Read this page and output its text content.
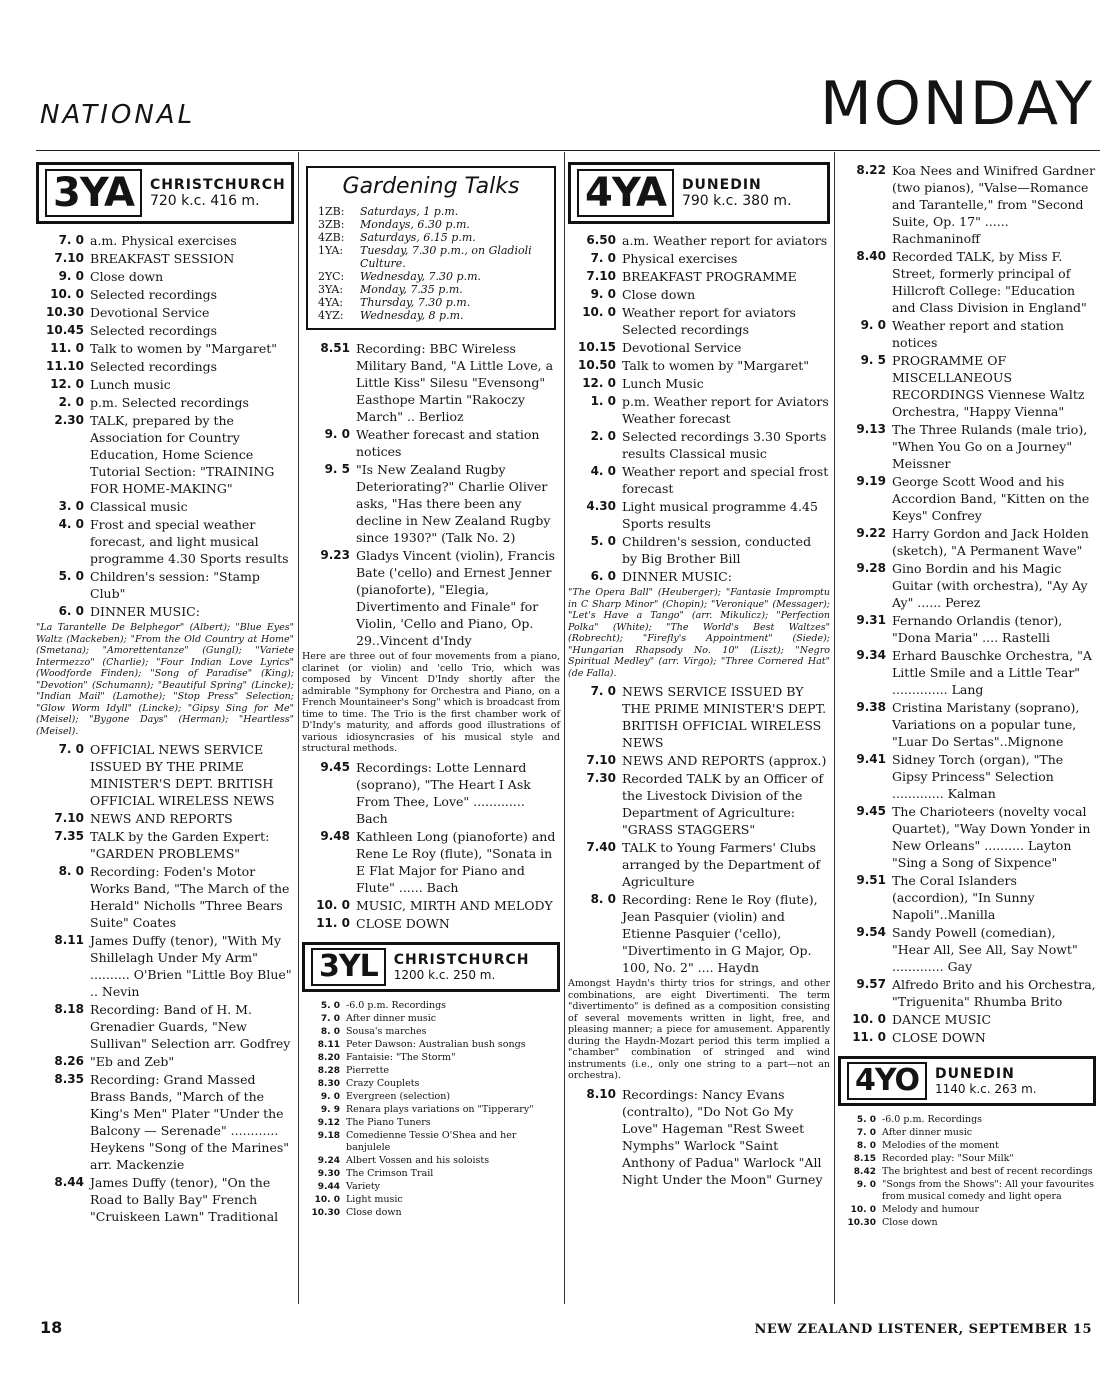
NATIONAL	MONDAY
3YA	CHRISTCHURCH
720 k.c. 416 m.
7. 0 a.m. Physical exercises
7.10 BREAKFAST SESSION
9. 0 Close down
10. 0 Selected recordings
10.30 Devotional Service
10.45 Selected recordings
11. 0 Talk to women by "Margaret"
11.10 Selected recordings
12. 0 Lunch music
2. 0 p.m. Selected recordings
2.30 TALK, prepared by the Association for Country Education, Home Science Tutorial Section: "TRAINING FOR HOME-MAKING"
3. 0 Classical music
4. 0 Frost and special weather forecast, and light musical programme 4.30 Sports results
5. 0 Children's session: "Stamp Club"
6. 0 DINNER MUSIC:
"La Tarantelle De Belphegor" (Albert); "Blue Eyes" Waltz (Mackeben); "From the Old Country at Home" (Smetana); "Amorettentanze" (Gungl); "Variete Intermezzo" (Charlie); "Four Indian Love Lyrics" (Woodforde Finden); "Song of Paradise" (King); "Devotion" (Schumann); "Beautiful Spring" (Lincke); "Indian Mail" (Lamothe); "Stop Press" Selection; "Glow Worm Idyll" (Lincke); "Gipsy Sing for Me" (Meisel); "Bygone Days" (Herman); "Heartless" (Meisel).
7. 0 OFFICIAL NEWS SERVICE ISSUED BY THE PRIME MINISTER'S DEPT. BRITISH OFFICIAL WIRELESS NEWS
7.10 NEWS AND REPORTS
7.35 TALK by the Garden Expert: "GARDEN PROBLEMS"
8. 0 Recording: Foden's Motor Works Band, "The March of the Herald" Nicholls "Three Bears Suite" Coates
8.11 James Duffy (tenor), "With My Shillelagh Under My Arm" .......... O'Brien "Little Boy Blue" .. Nevin
8.18 Recording: Band of H. M. Grenadier Guards, "New Sullivan" Selection arr. Godfrey
8.26 "Eb and Zeb"
8.35 Recording: Grand Massed Brass Bands, "March of the King's Men" Plater "Under the Balcony — Serenade" ............ Heykens "Song of the Marines" arr. Mackenzie
8.44 James Duffy (tenor), "On the Road to Bally Bay" French "Cruiskeen Lawn" Traditional
Gardening Talks
1ZB:	Saturdays, 1 p.m.
3ZB:	Mondays, 6.30 p.m.
4ZB:	Saturdays, 6.15 p.m.
1YA:	Tuesday, 7.30 p.m., on Gladioli Culture.
2YC:	Wednesday, 7.30 p.m.
3YA:	Monday, 7.35 p.m.
4YA:	Thursday, 7.30 p.m.
4YZ:	Wednesday, 8 p.m.
8.51 Recording: BBC Wireless Military Band, "A Little Love, a Little Kiss" Silesu "Evensong" Easthope Martin "Rakoczy March" .. Berlioz
9. 0 Weather forecast and station notices
9. 5 "Is New Zealand Rugby Deteriorating?" Charlie Oliver asks, "Has there been any decline in New Zealand Rugby since 1930?" (Talk No. 2)
9.23 Gladys Vincent (violin), Francis Bate ('cello) and Ernest Jenner (pianoforte), "Elegia, Divertimento and Finale" for Violin, 'Cello and Piano, Op. 29..Vincent d'Indy
Here are three out of four movements from a piano, clarinet (or violin) and 'cello Trio, which was composed by Vincent D'Indy shortly after the admirable "Symphony for Orchestra and Piano, on a French Mountaineer's Song" which is broadcast from time to time. The Trio is the first chamber work of D'Indy's maturity, and affords good illustrations of various idiosyncrasies of his musical style and structural methods.
9.45 Recordings: Lotte Lennard (soprano), "The Heart I Ask From Thee, Love" ............. Bach
9.48 Kathleen Long (pianoforte) and Rene Le Roy (flute), "Sonata in E Flat Major for Piano and Flute" ...... Bach
10. 0 MUSIC, MIRTH AND MELODY
11. 0 CLOSE DOWN
3YL	CHRISTCHURCH
1200 k.c. 250 m.
5. 0 -6.0 p.m. Recordings
7. 0 After dinner music
8. 0 Sousa's marches
8.11 Peter Dawson: Australian bush songs
8.20 Fantaisie: "The Storm"
8.28 Pierrette
8.30 Crazy Couplets
9. 0 Evergreen (selection)
9. 9 Renara plays variations on "Tipperary"
9.12 The Piano Tuners
9.18 Comedienne Tessie O'Shea and her banjulele
9.24 Albert Vossen and his soloists
9.30 The Crimson Trail
9.44 Variety
10. 0 Light music
10.30 Close down
4YA	DUNEDIN
790 k.c. 380 m.
6.50 a.m. Weather report for aviators
7. 0 Physical exercises
7.10 BREAKFAST PROGRAMME
9. 0 Close down
10. 0 Weather report for aviators Selected recordings
10.15 Devotional Service
10.50 Talk to women by "Margaret"
12. 0 Lunch Music
1. 0 p.m. Weather report for Aviators Weather forecast
2. 0 Selected recordings 3.30 Sports results Classical music
4. 0 Weather report and special frost forecast
4.30 Light musical programme 4.45 Sports results
5. 0 Children's session, conducted by Big Brother Bill
6. 0 DINNER MUSIC:
"The Opera Ball" (Heuberger); "Fantasie Impromptu in C Sharp Minor" (Chopin); "Veronique" (Messager); "Let's Have a Tango" (arr. Mikulicz); "Perfection Polka" (White); "The World's Best Waltzes" (Robrecht); "Firefly's Appointment" (Siede); "Hungarian Rhapsody No. 10" (Liszt); "Negro Spiritual Medley" (arr. Virgo); "Three Cornered Hat" (de Falla).
7. 0 NEWS SERVICE ISSUED BY THE PRIME MINISTER'S DEPT. BRITISH OFFICIAL WIRELESS NEWS
7.10 NEWS AND REPORTS (approx.)
7.30 Recorded TALK by an Officer of the Livestock Division of the Department of Agriculture: "GRASS STAGGERS"
7.40 TALK to Young Farmers' Clubs arranged by the Department of Agriculture
8. 0 Recording: Rene le Roy (flute), Jean Pasquier (violin) and Etienne Pasquier ('cello), "Divertimento in G Major, Op. 100, No. 2" .... Haydn
Amongst Haydn's thirty trios for strings, and other combinations, are eight Divertimenti. The term "divertimento" is defined as a composition consisting of several movements written in light, free, and pleasing manner; a piece for amusement. Apparently during the Haydn-Mozart period this term implied a "chamber" combination of stringed and wind instruments (i.e., only one string to a part—not an orchestra).
8.10 Recordings: Nancy Evans (contralto), "Do Not Go My Love" Hageman "Rest Sweet Nymphs" Warlock "Saint Anthony of Padua" Warlock "All Night Under the Moon" Gurney
8.22 Koa Nees and Winifred Gardner (two pianos), "Valse—Romance and Tarantelle," from "Second Suite, Op. 17" ...... Rachmaninoff
8.40 Recorded TALK, by Miss F. Street, formerly principal of Hillcroft College: "Education and Class Division in England"
9. 0 Weather report and station notices
9. 5 PROGRAMME OF MISCELLANEOUS RECORDINGS Viennese Waltz Orchestra, "Happy Vienna"
9.13 The Three Rulands (male trio), "When You Go on a Journey" Meissner
9.19 George Scott Wood and his Accordion Band, "Kitten on the Keys" Confrey
9.22 Harry Gordon and Jack Holden (sketch), "A Permanent Wave"
9.28 Gino Bordin and his Magic Guitar (with orchestra), "Ay Ay Ay" ...... Perez
9.31 Fernando Orlandis (tenor), "Dona Maria" .... Rastelli
9.34 Erhard Bauschke Orchestra, "A Little Smile and a Little Tear" .............. Lang
9.38 Cristina Maristany (soprano), Variations on a popular tune, "Luar Do Sertas"..Mignone
9.41 Sidney Torch (organ), "The Gipsy Princess" Selection ............. Kalman
9.45 The Charioteers (novelty vocal Quartet), "Way Down Yonder in New Orleans" .......... Layton "Sing a Song of Sixpence"
9.51 The Coral Islanders (accordion), "In Sunny Napoli"..Manilla
9.54 Sandy Powell (comedian), "Hear All, See All, Say Nowt" ............. Gay
9.57 Alfredo Brito and his Orchestra, "Triguenita" Rhumba Brito
10. 0 DANCE MUSIC
11. 0 CLOSE DOWN
4YO	DUNEDIN
1140 k.c. 263 m.
5. 0 -6.0 p.m. Recordings
7. 0 After dinner music
8. 0 Melodies of the moment
8.15 Recorded play: "Sour Milk"
8.42 The brightest and best of recent recordings
9. 0 "Songs from the Shows": All your favourites from musical comedy and light opera
10. 0 Melody and humour
10.30 Close down
18	NEW ZEALAND LISTENER, SEPTEMBER 15
